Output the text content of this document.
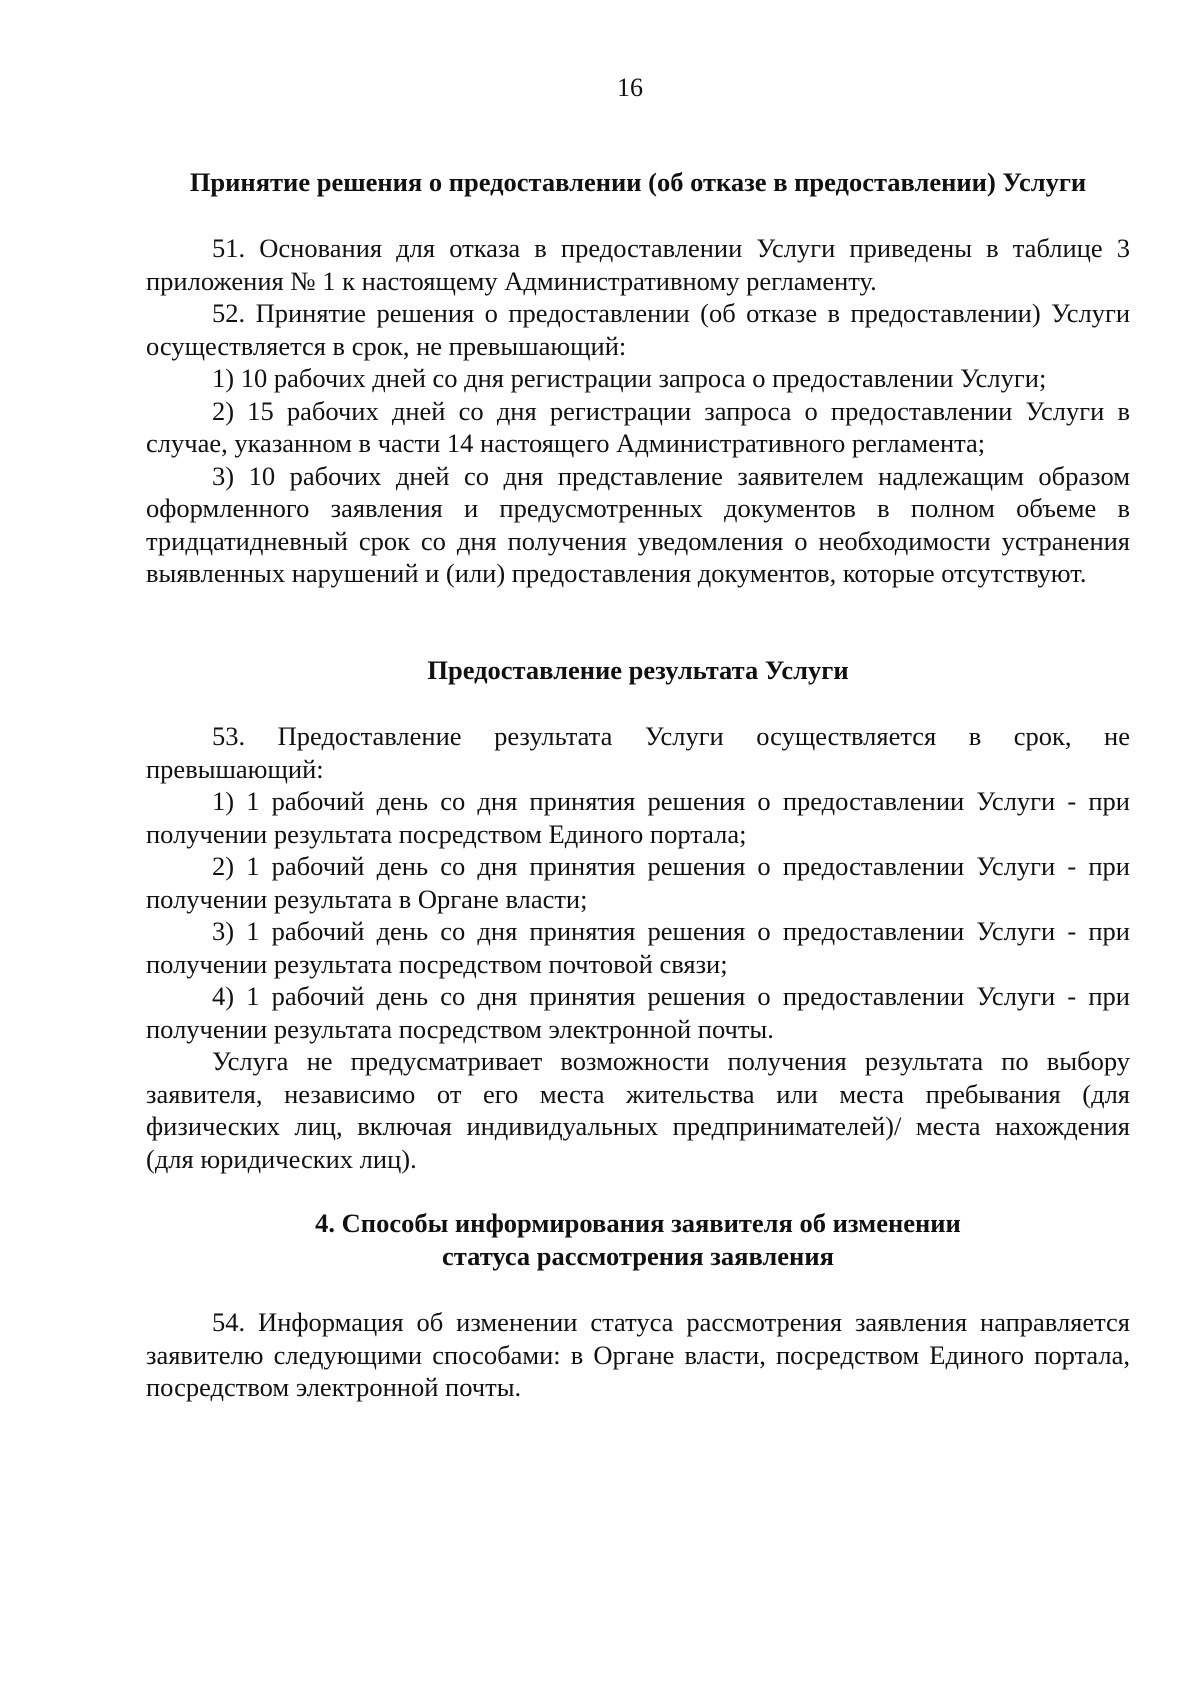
16
Принятие решения о предоставлении (об отказе в предоставлении) Услуги

51. Основания для отказа в предоставлении Услуги приведены в таблице 3 приложения № 1 к настоящему Административному регламенту.

52. Принятие решения о предоставлении (об отказе в предоставлении) Услуги осуществляется в срок, не превышающий:

1) 10 рабочих дней со дня регистрации запроса о предоставлении Услуги;

2) 15 рабочих дней со дня регистрации запроса о предоставлении Услуги в случае, указанном в части 14 настоящего Административного регламента;

3) 10 рабочих дней со дня представление заявителем надлежащим образом оформленного заявления и предусмотренных документов в полном объеме в тридцатидневный срок со дня получения уведомления о необходимости устранения выявленных нарушений и (или) предоставления документов, которые отсутствуют.

Предоставление результата Услуги

53. Предоставление результата Услуги осуществляется в срок, не превышающий:

1) 1 рабочий день со дня принятия решения о предоставлении Услуги - при получении результата посредством Единого портала;

2) 1 рабочий день со дня принятия решения о предоставлении Услуги - при получении результата в Органе власти;

3) 1 рабочий день со дня принятия решения о предоставлении Услуги - при получении результата посредством почтовой связи;

4) 1 рабочий день со дня принятия решения о предоставлении Услуги - при получении результата посредством электронной почты.

Услуга не предусматривает возможности получения результата по выбору заявителя, независимо от его места жительства или места пребывания (для физических лиц, включая индивидуальных предпринимателей)/ места нахождения (для юридических лиц).

4. Способы информирования заявителя об изменении
статуса рассмотрения заявления

54. Информация об изменении статуса рассмотрения заявления направляется заявителю следующими способами: в Органе власти, посредством Единого портала, посредством электронной почты.
